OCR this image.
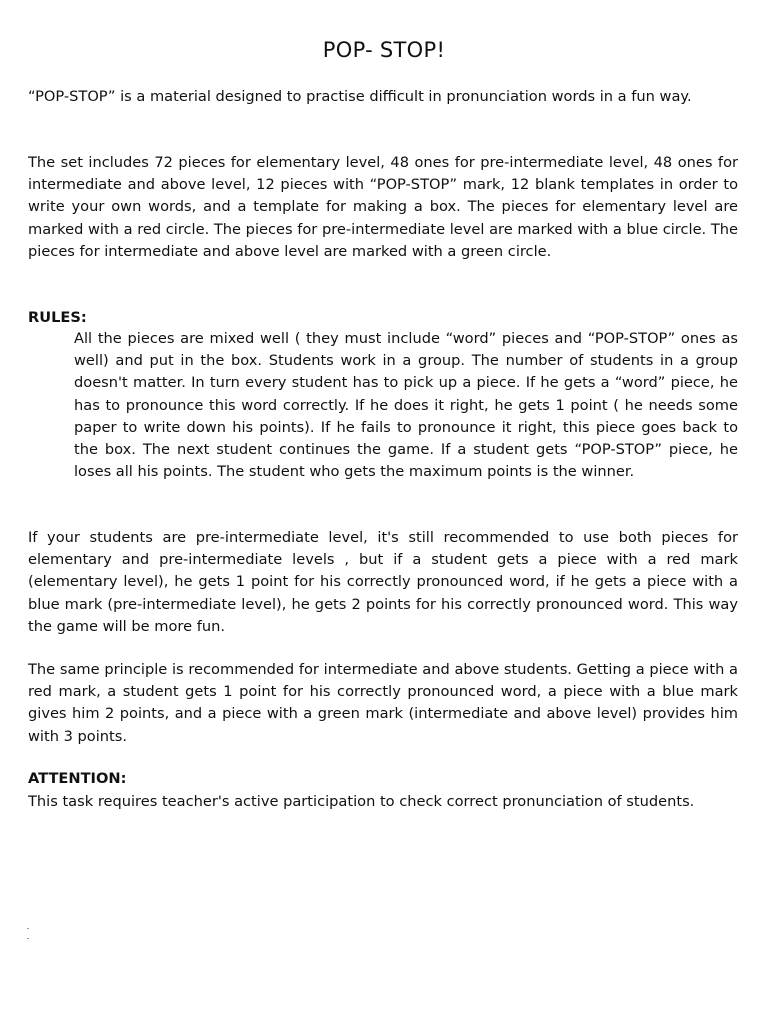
POP- STOP!

“POP-STOP” is a material designed to practise difficult in pronunciation words in a fun way.

The set includes 72 pieces for elementary level, 48 ones for pre-intermediate level, 48 ones for intermediate and above level, 12 pieces with “POP-STOP” mark, 12 blank templates in order to write your own words, and a template for making a box. The pieces for elementary level are marked with a red circle. The pieces for pre-intermediate level are marked with a blue circle. The pieces for intermediate and above level are marked with a green circle.

RULES:

All the pieces are mixed well ( they must include “word” pieces and “POP-STOP” ones as well) and put in the box. Students work in a group. The number of students in a group doesn't matter. In turn every student has to pick up a piece. If he gets a “word” piece, he has to pronounce this word correctly. If he does it right, he gets 1 point ( he needs some paper to write down his points). If he fails to pronounce it right, this piece goes back to the box. The next student continues the game. If a student gets “POP-STOP” piece, he loses all his points. The student who gets the maximum points is the winner.

If your students are pre-intermediate level, it's still recommended to use both pieces for elementary and pre-intermediate levels , but if a student gets a piece with a red mark (elementary level), he gets 1 point for his correctly pronounced word, if he gets a piece with a blue mark (pre-intermediate level), he gets 2 points for his correctly pronounced word. This way the game will be more fun.

The same principle is recommended for intermediate and above students. Getting a piece with a red mark, a student gets 1 point for his correctly pronounced word, a piece with a blue mark gives him 2 points, and a piece with a green mark (intermediate and above level) provides him with 3 points.

ATTENTION:

This task requires teacher's active participation to check correct pronunciation of students.
